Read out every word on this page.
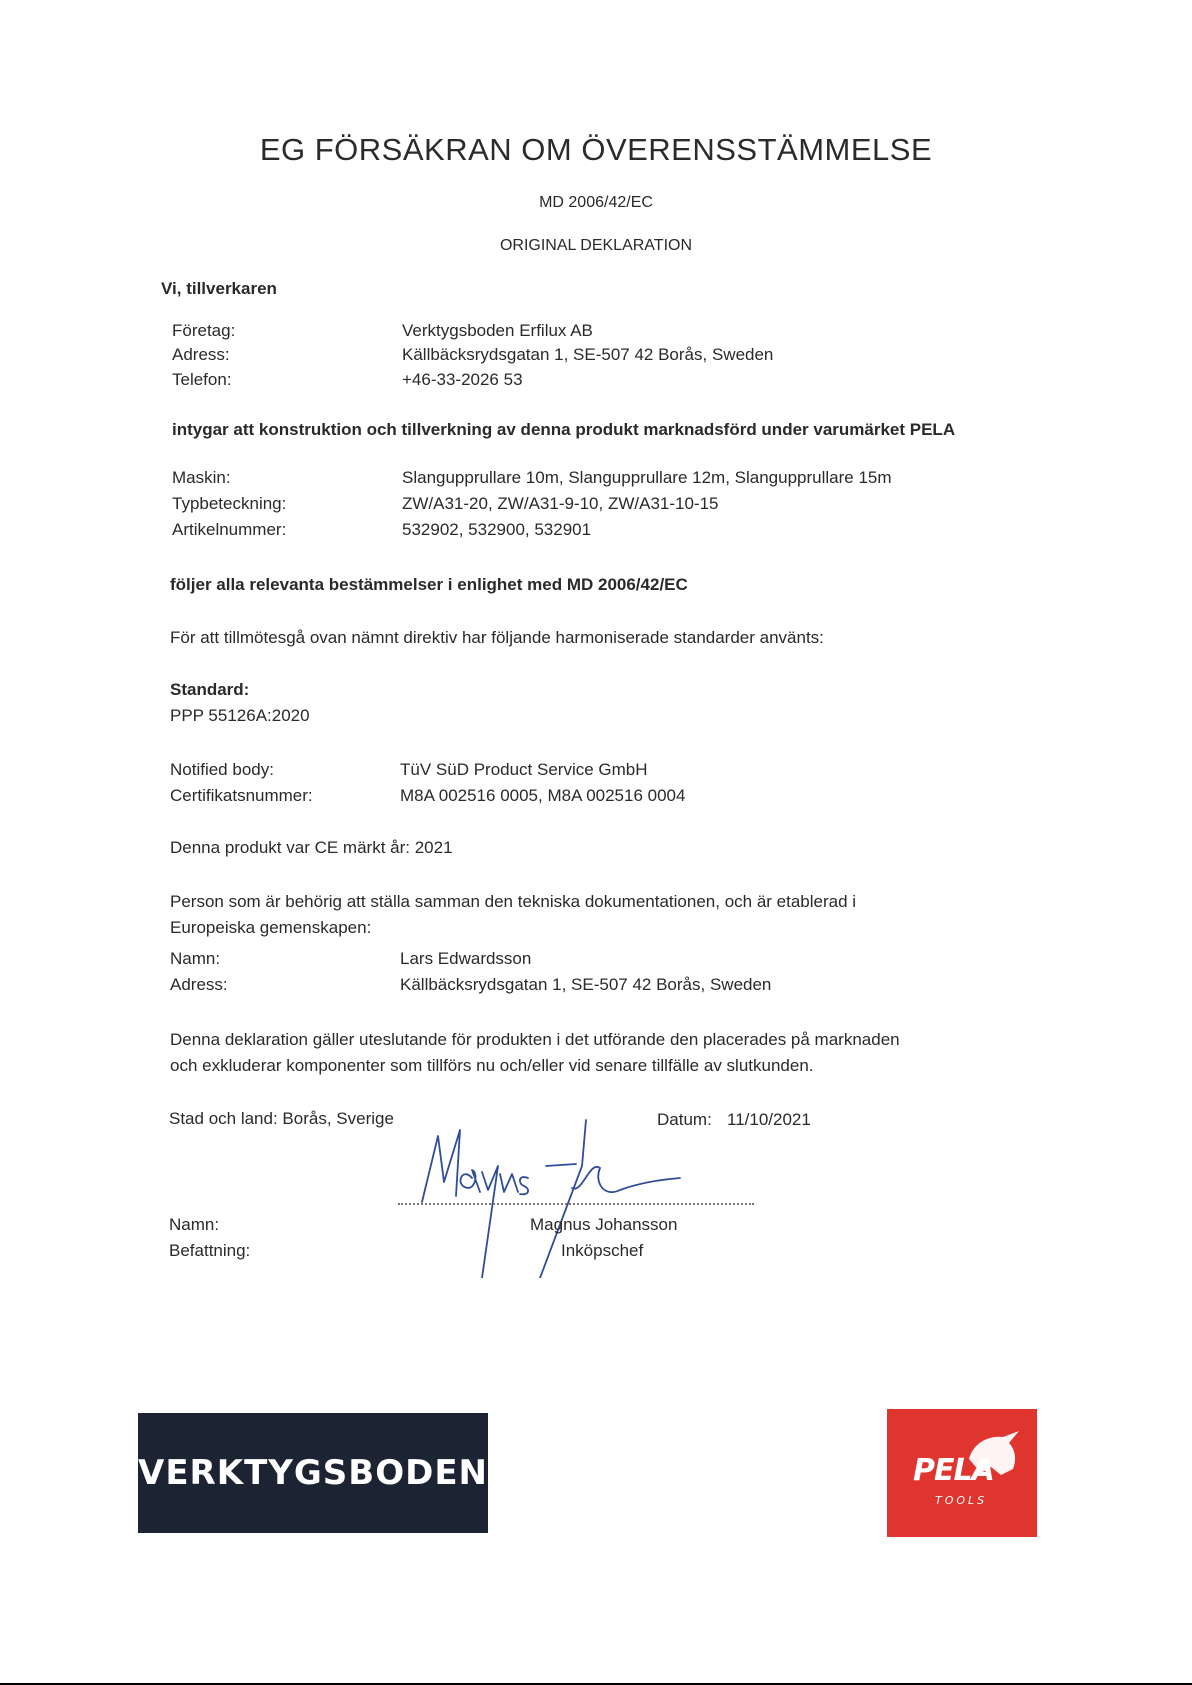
EG FÖRSÄKRAN OM ÖVERENSSTÄMMELSE
MD 2006/42/EC
ORIGINAL DEKLARATION
Vi, tillverkaren
Företag:	Verktygsboden Erfilux AB
Adress:	Källbäcksrydsgatan 1, SE-507 42 Borås, Sweden
Telefon:	+46-33-2026 53
intygar att konstruktion och tillverkning av denna produkt marknadsförd under varumärket PELA
Maskin:	Slangupprullare 10m, Slangupprullare 12m, Slangupprullare 15m
Typbeteckning:	ZW/A31-20, ZW/A31-9-10, ZW/A31-10-15
Artikelnummer:	532902, 532900, 532901
följer alla relevanta bestämmelser i enlighet med MD 2006/42/EC
För att tillmötesgå ovan nämnt direktiv har följande harmoniserade standarder använts:
Standard:
PPP 55126A:2020
Notified body:	TüV SüD Product Service GmbH
Certifikatsnummer:	M8A 002516 0005, M8A 002516 0004
Denna produkt var CE märkt år: 2021
Person som är behörig att ställa samman den tekniska dokumentationen, och är etablerad i
Europeiska gemenskapen:
Namn:	Lars Edwardsson
Adress:	Källbäcksrydsgatan 1, SE-507 42 Borås, Sweden
Denna deklaration gäller uteslutande för produkten i det utförande den placerades på marknaden
och exkluderar komponenter som tillförs nu och/eller vid senare tillfälle av slutkunden.
Stad och land: Borås, Sverige	Datum: 11/10/2021
Namn:	Magnus Johansson
Befattning:	Inköpschef
VERKTYGSBODEN	PELA
TOOLS
